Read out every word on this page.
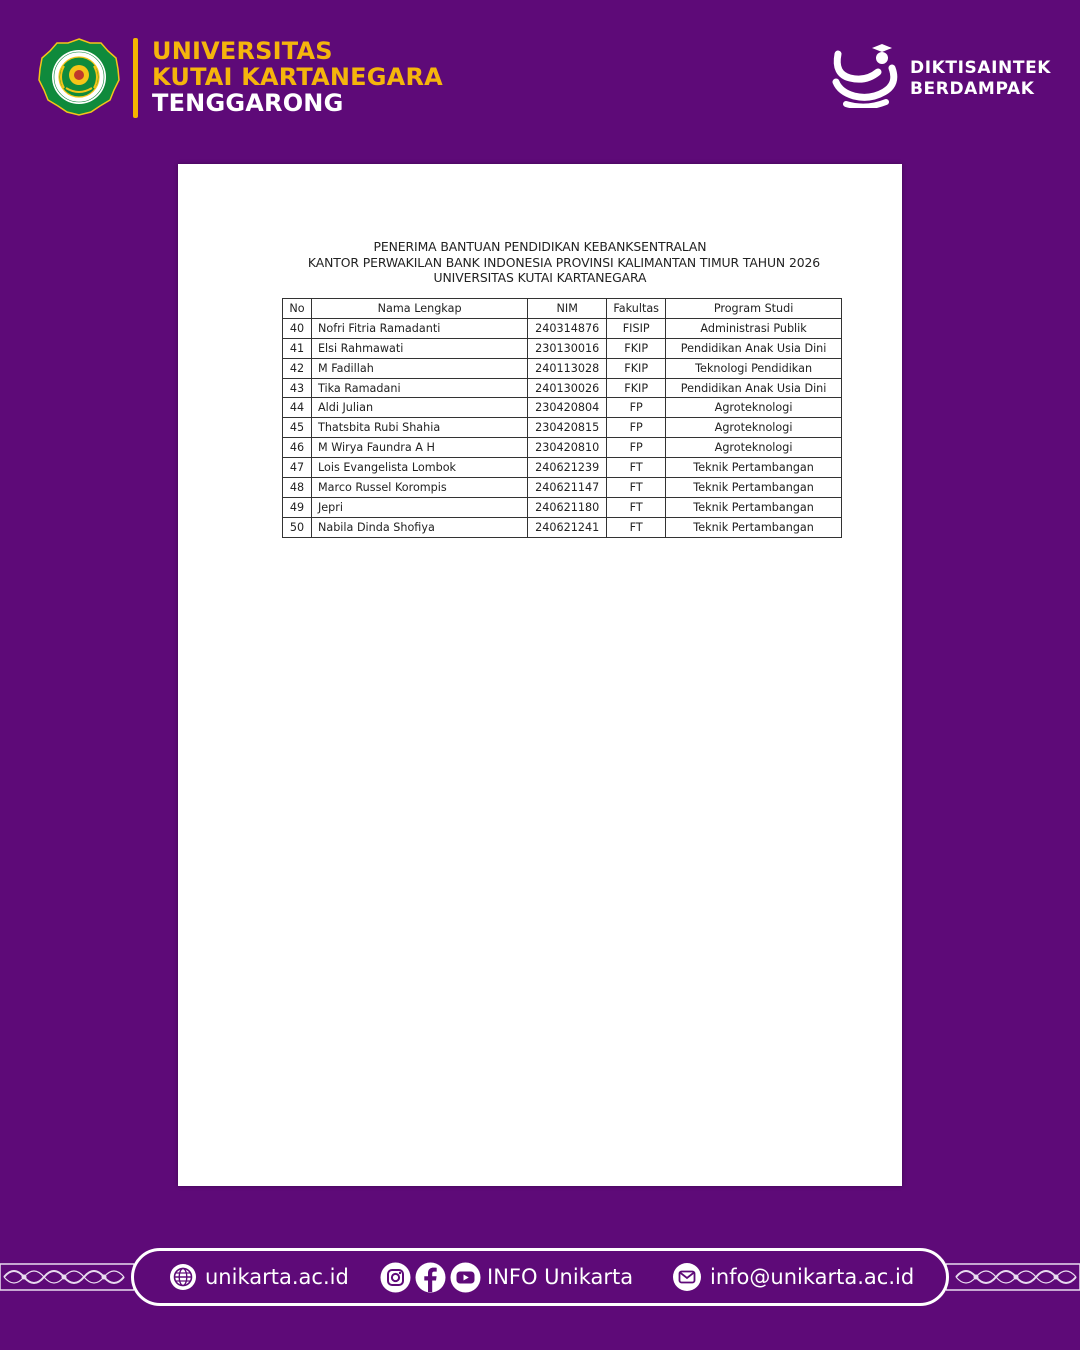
UNIVERSITAS
KUTAI KARTANEGARA
TENGGARONG
DIKTISAINTEK
BERDAMPAK
PENERIMA BANTUAN PENDIDIKAN KEBANKSENTRALAN
KANTOR PERWAKILAN BANK INDONESIA PROVINSI KALIMANTAN TIMUR TAHUN 2026
UNIVERSITAS KUTAI KARTANEGARA
No	Nama Lengkap	NIM	Fakultas	Program Studi
40	Nofri Fitria Ramadanti	240314876	FISIP	Administrasi Publik
41	Elsi Rahmawati	230130016	FKIP	Pendidikan Anak Usia Dini
42	M Fadillah	240113028	FKIP	Teknologi Pendidikan
43	Tika Ramadani	240130026	FKIP	Pendidikan Anak Usia Dini
44	Aldi Julian	230420804	FP	Agroteknologi
45	Thatsbita Rubi Shahia	230420815	FP	Agroteknologi
46	M Wirya Faundra A H	230420810	FP	Agroteknologi
47	Lois Evangelista Lombok	240621239	FT	Teknik Pertambangan
48	Marco Russel Korompis	240621147	FT	Teknik Pertambangan
49	Jepri	240621180	FT	Teknik Pertambangan
50	Nabila Dinda Shofiya	240621241	FT	Teknik Pertambangan
unikarta.ac.id	INFO Unikarta	info@unikarta.ac.id
